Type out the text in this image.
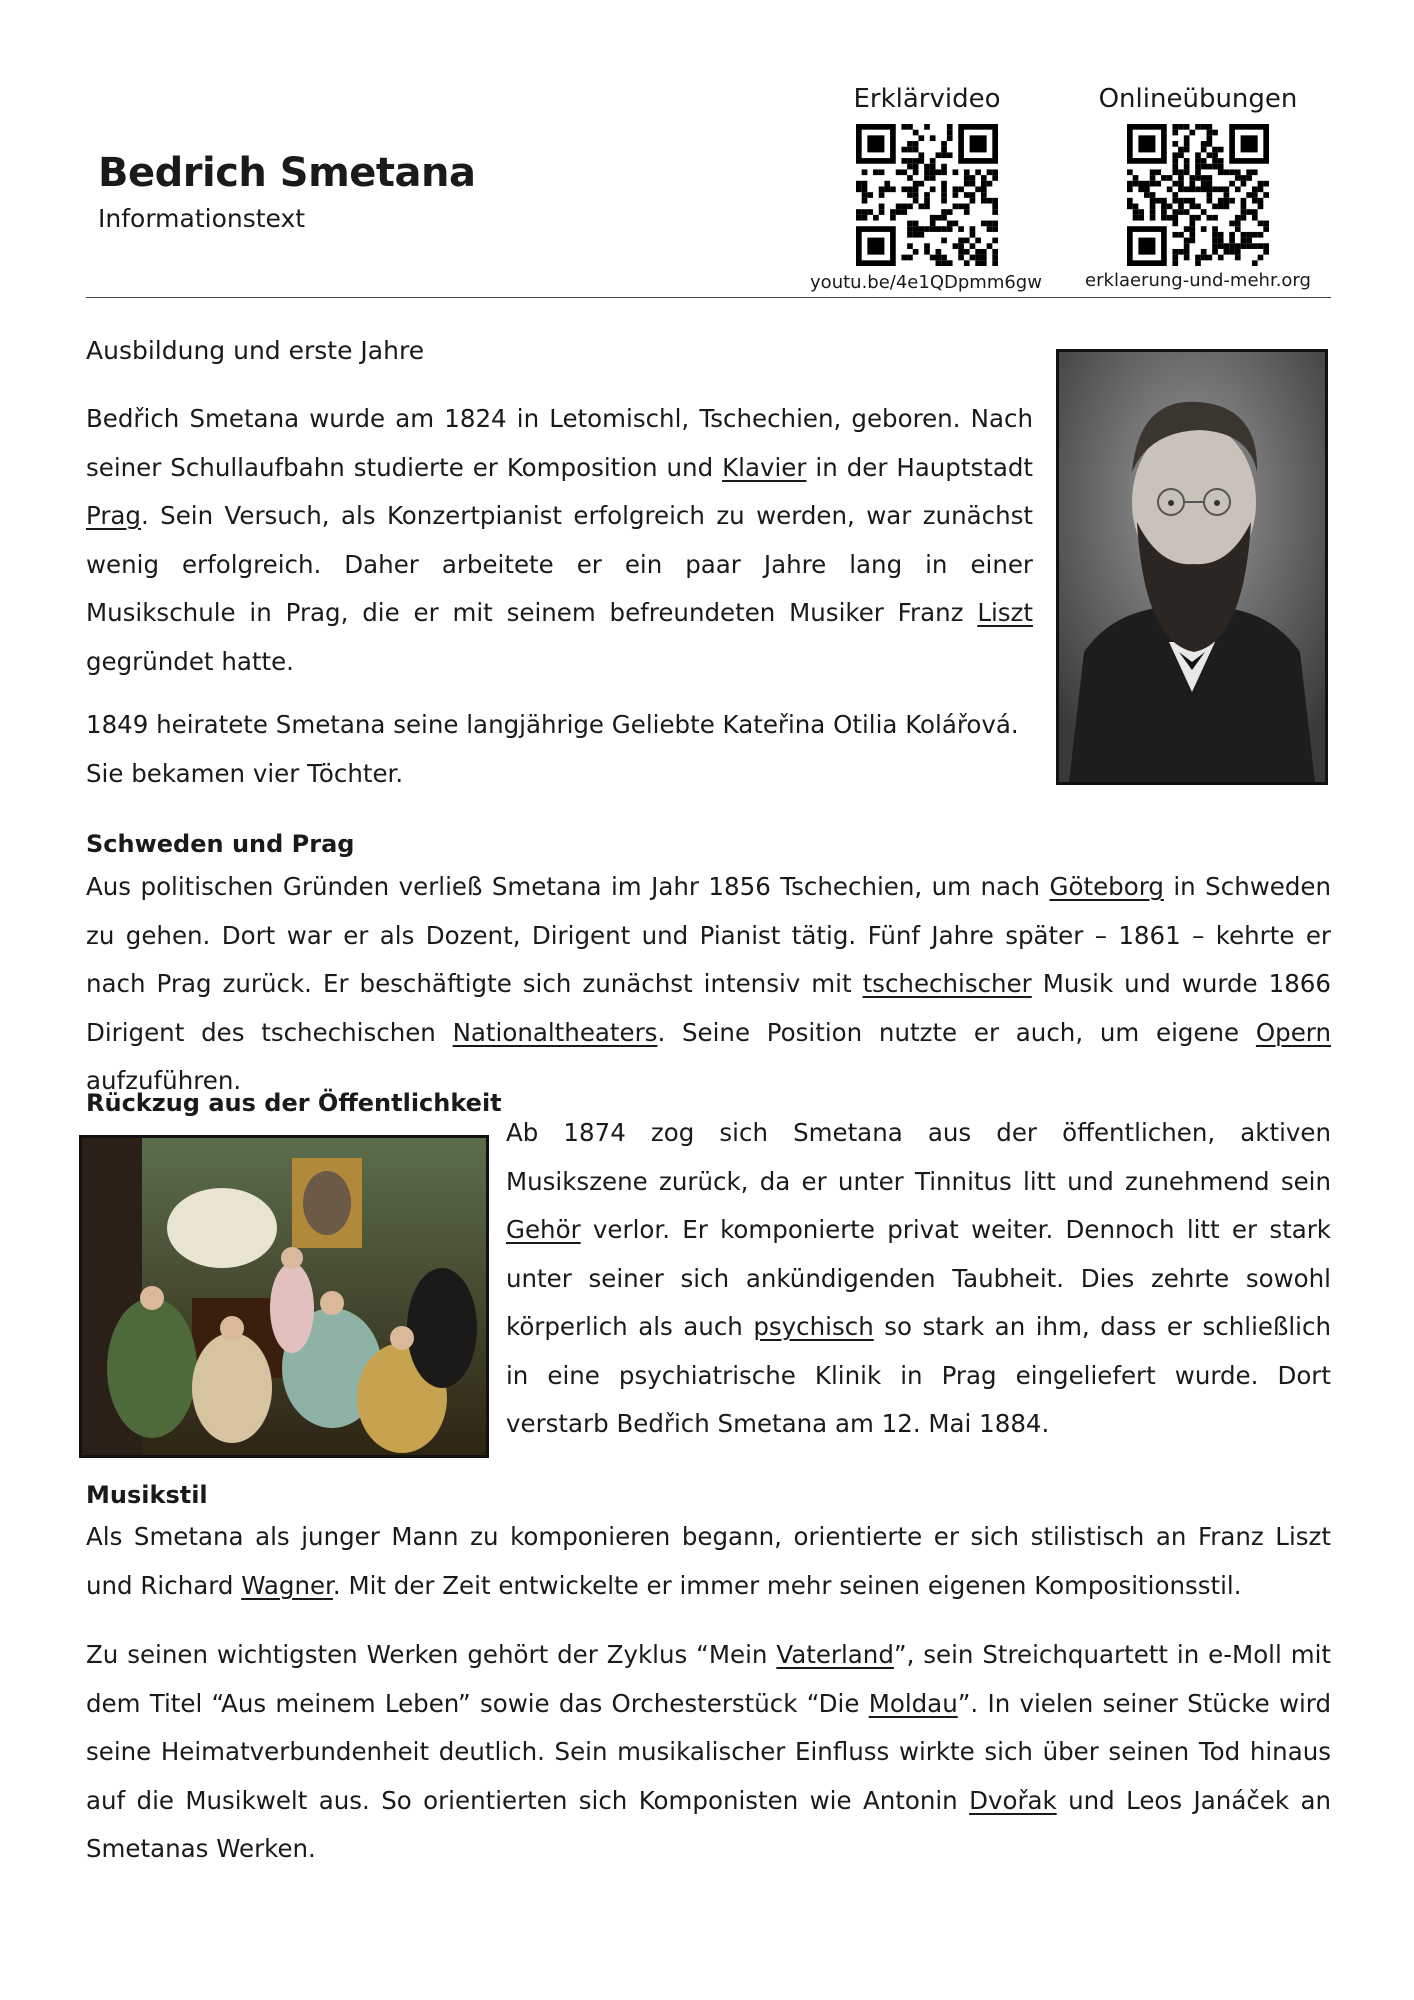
Bedrich Smetana
Informationstext
Erklärvideo
youtu.be/4e1QDpmm6gw
Onlineübungen
erklaerung-und-mehr.org
Ausbildung und erste Jahre

Bedřich Smetana wurde am 1824 in Letomischl, Tschechien, geboren. Nach seiner Schullaufbahn studierte er Komposition und Klavier in der Hauptstadt Prag. Sein Versuch, als Konzertpianist erfolgreich zu werden, war zunächst wenig erfolgreich. Daher arbeitete er ein paar Jahre lang in einer Musikschule in Prag, die er mit seinem befreundeten Musiker Franz Liszt gegründet hatte.

1849 heiratete Smetana seine langjährige Geliebte Kateřina Otilia Kolářová. Sie bekamen vier Töchter.

Schweden und Prag

Aus politischen Gründen verließ Smetana im Jahr 1856 Tschechien, um nach Göteborg in Schweden zu gehen. Dort war er als Dozent, Dirigent und Pianist tätig. Fünf Jahre später – 1861 – kehrte er nach Prag zurück. Er beschäftigte sich zunächst intensiv mit tschechischer Musik und wurde 1866 Dirigent des tschechischen Nationaltheaters. Seine Position nutzte er auch, um eigene Opern aufzuführen.

Rückzug aus der Öffentlichkeit

Ab 1874 zog sich Smetana aus der öffentlichen, aktiven Musikszene zurück, da er unter Tinnitus litt und zunehmend sein Gehör verlor. Er komponierte privat weiter. Dennoch litt er stark unter seiner sich ankündigenden Taubheit. Dies zehrte sowohl körperlich als auch psychisch so stark an ihm, dass er schließlich in eine psychiatrische Klinik in Prag eingeliefert wurde. Dort verstarb Bedřich Smetana am 12. Mai 1884.

Musikstil

Als Smetana als junger Mann zu komponieren begann, orientierte er sich stilistisch an Franz Liszt und Richard Wagner. Mit der Zeit entwickelte er immer mehr seinen eigenen Kompositionsstil.

Zu seinen wichtigsten Werken gehört der Zyklus “Mein Vaterland”, sein Streichquartett in e-Moll mit dem Titel “Aus meinem Leben” sowie das Orchesterstück “Die Moldau”. In vielen seiner Stücke wird seine Heimatverbundenheit deutlich. Sein musikalischer Einfluss wirkte sich über seinen Tod hinaus auf die Musikwelt aus. So orientierten sich Komponisten wie Antonin Dvořak und Leos Janáček an Smetanas Werken.
